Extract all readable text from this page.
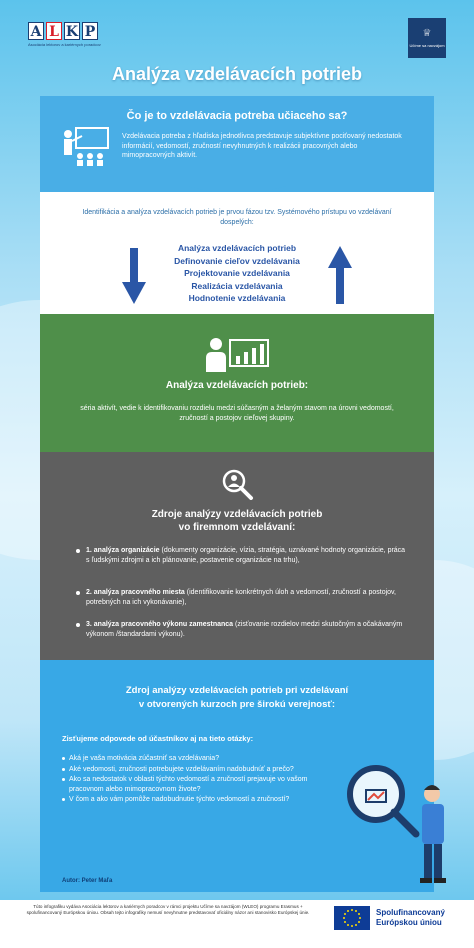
A L K P
Asociácia lektorov a kariérnych poradcov
♕
Učíme sa navzájom
Analýza vzdelávacích potrieb
Čo je to vzdelávacia potreba učiaceho sa?

Vzdelávacia potreba z hľadiska jednotlivca predstavuje subjektívne pociťovaný nedostatok informácií, vedomostí, zručností nevyhnutných k realizácii pracovných alebo mimopracovných aktivít.

Identifikácia a analýza vzdelávacích potrieb je prvou fázou tzv. Systémového prístupu vo vzdelávaní dospelých:
Analýza vzdelávacích potrieb
Definovanie cieľov vzdelávania
Projektovanie vzdelávania
Realizácia vzdelávania
Hodnotenie vzdelávania
Analýza vzdelávacích potrieb:

séria aktivít, vedie k identifikovaniu rozdielu medzi súčasným a želaným stavom na úrovni vedomostí, zručností a postojov cieľovej skupiny.

Zdroje analýzy vzdelávacích potrieb
vo firemnom vzdelávaní:
1. analýza organizácie (dokumenty organizácie, vízia, stratégia, uznávané hodnoty organizácie, práca s ľudskými zdrojmi a ich plánovanie, postavenie organizácie na trhu),
2. analýza pracovného miesta (identifikovanie konkrétnych úloh a vedomostí, zručností a postojov, potrebných na ich vykonávanie),
3. analýza pracovného výkonu zamestnanca (zisťovanie rozdielov medzi skutočným a očakávaným výkonom /štandardami výkonu).
Zdroj analýzy vzdelávacích potrieb pri vzdelávaní
v otvorených kurzoch pre širokú verejnosť:
Zisťujeme odpovede od účastníkov aj na tieto otázky:
Aká je vaša motivácia zúčastniť sa vzdelávania?
Aké vedomosti, zručnosti potrebujete vzdelávaním nadobudnúť a prečo?
Ako sa nedostatok v oblasti týchto vedomostí a zručností prejavuje vo vašom pracovnom alebo mimopracovnom živote?
V čom a ako vám pomôže nadobudnutie týchto vedomostí a zručností?
Autor: Peter Maľa
Túto infografiku vydáva Asociácia lektorov a kariérnych poradcov v rámci projektu Učíme sa navzájom (WLEO) programu Erasmus + spolufinancovaný Európskou úniou. Obsah tejto infografiky nemusí nevyhnutne predstavovať oficiálny názor ani stanovisko Európskej únie.	Spolufinancovaný
Európskou úniou
